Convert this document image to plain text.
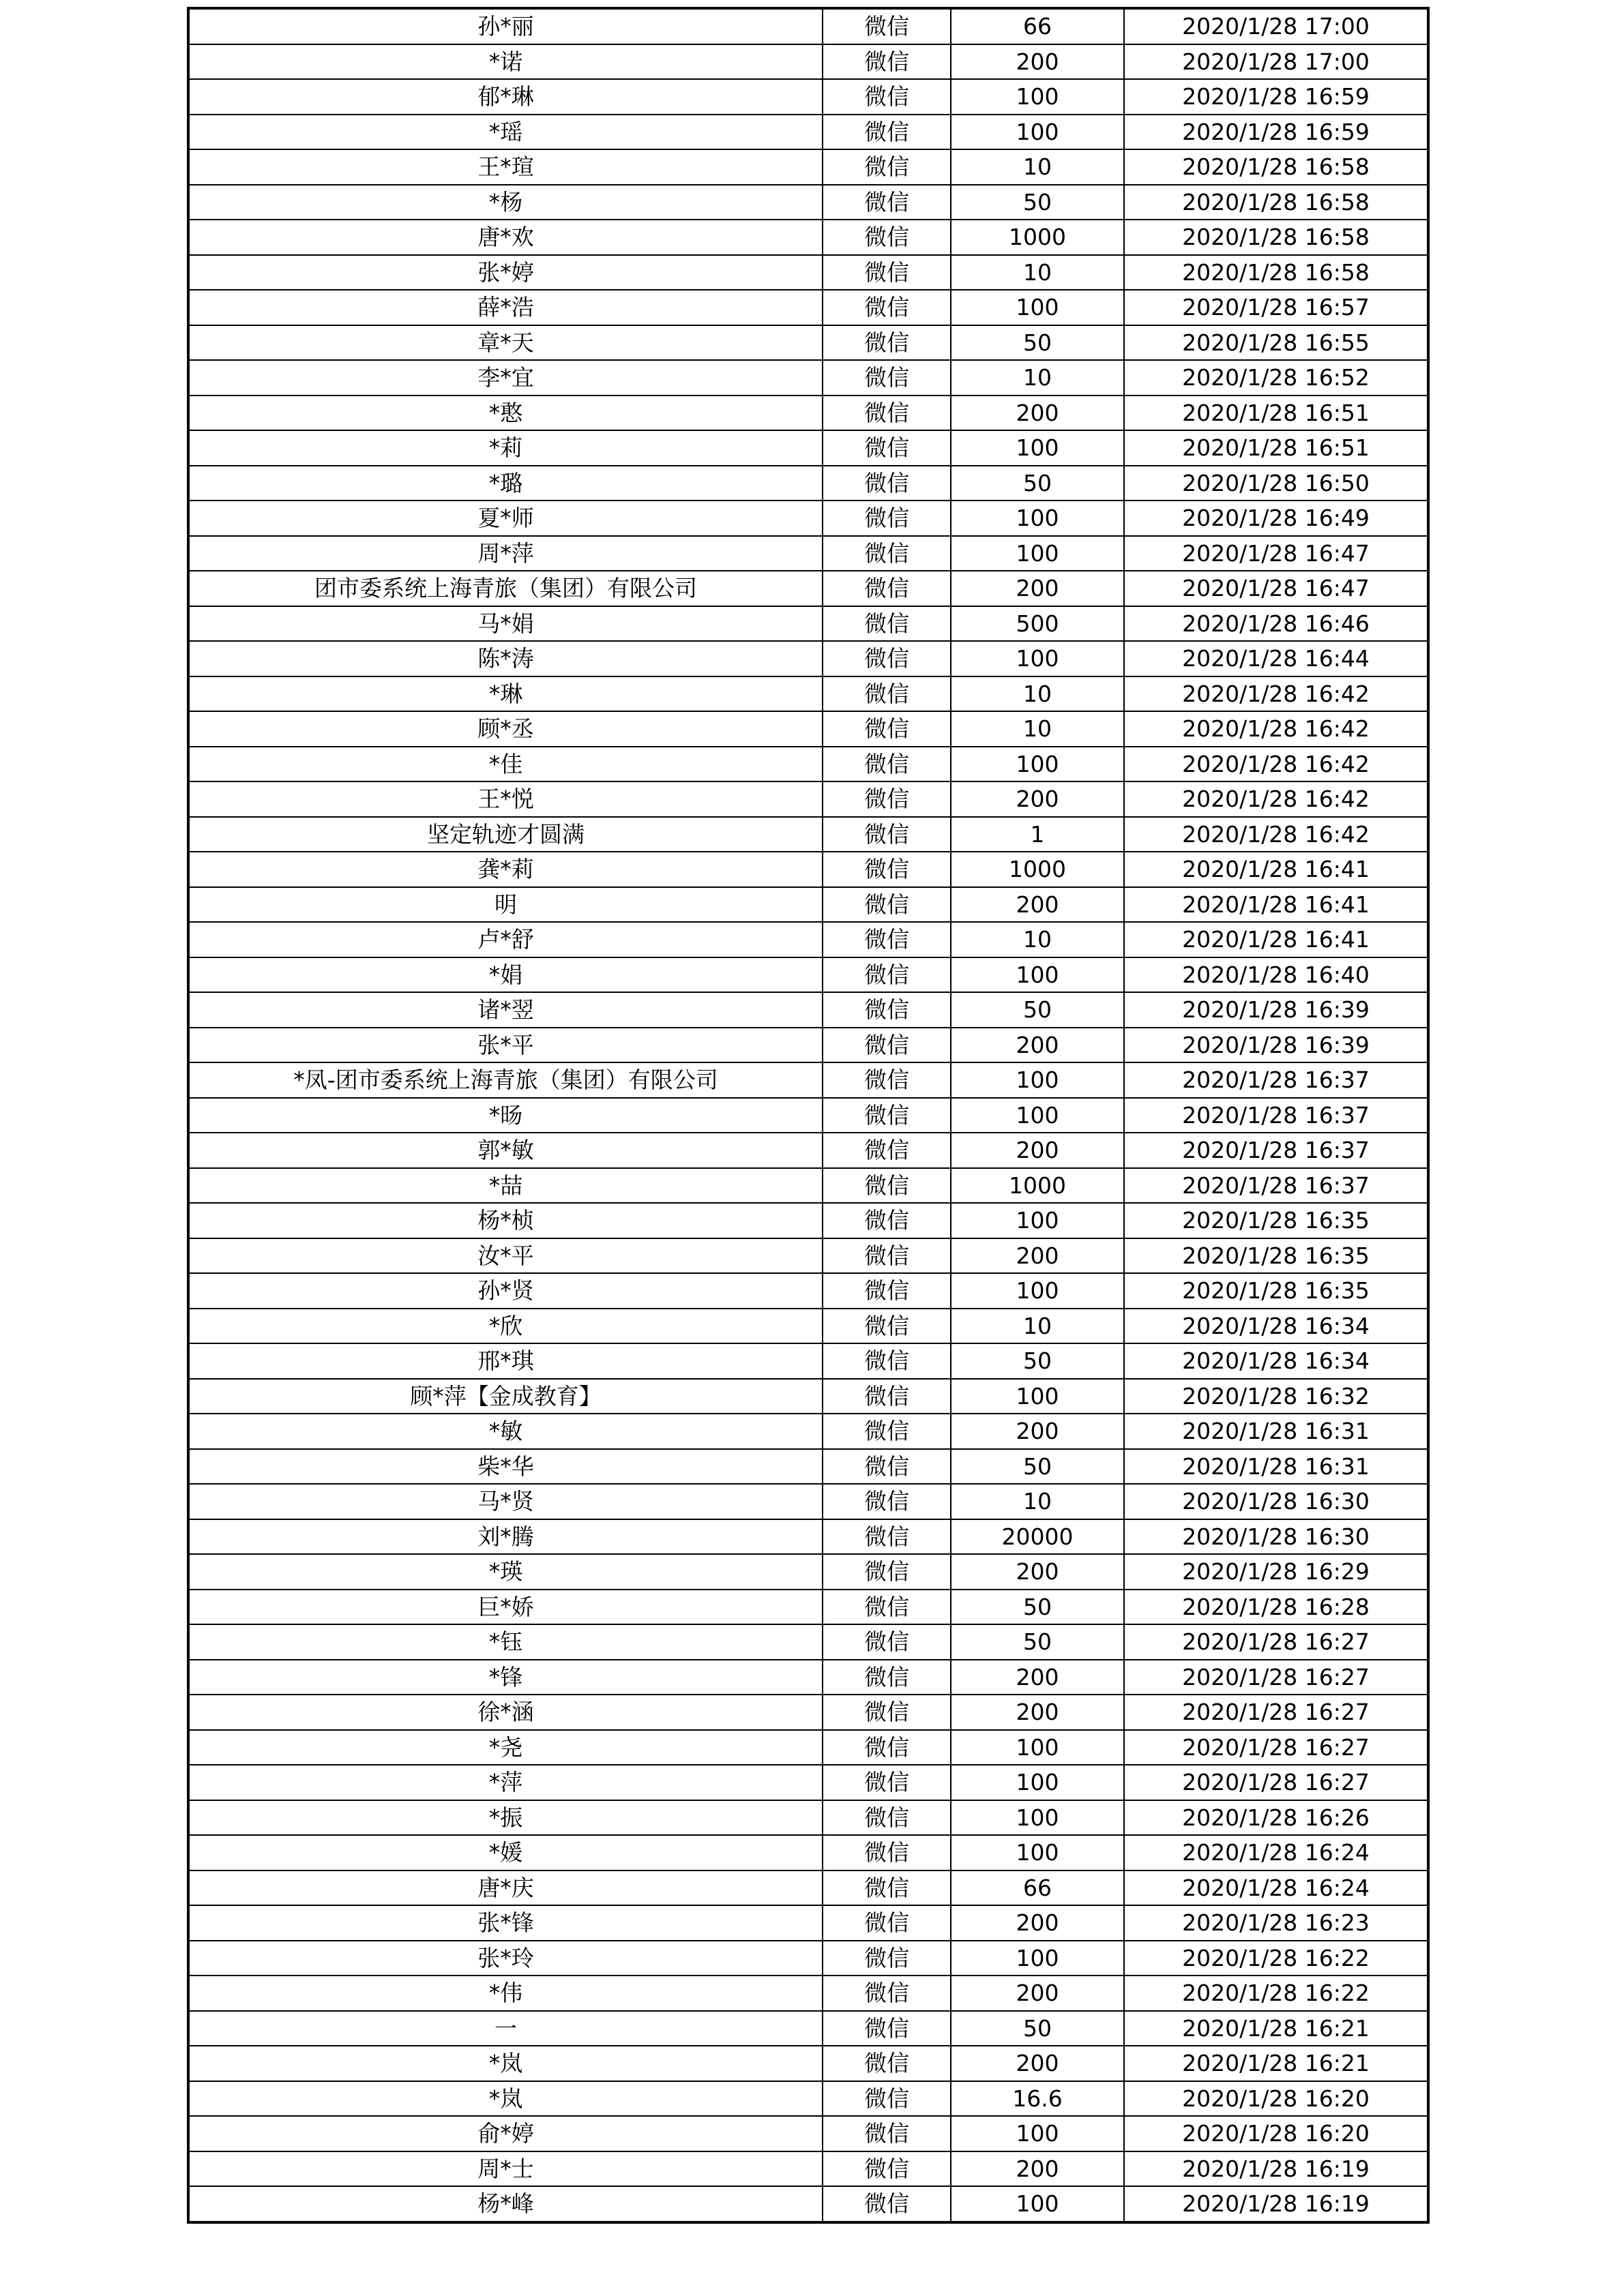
孙*丽	微信	66	2020/1/28 17:00
*诺	微信	200	2020/1/28 17:00
郁*琳	微信	100	2020/1/28 16:59
*瑶	微信	100	2020/1/28 16:59
王*瑄	微信	10	2020/1/28 16:58
*杨	微信	50	2020/1/28 16:58
唐*欢	微信	1000	2020/1/28 16:58
张*婷	微信	10	2020/1/28 16:58
薛*浩	微信	100	2020/1/28 16:57
章*天	微信	50	2020/1/28 16:55
李*宜	微信	10	2020/1/28 16:52
*憨	微信	200	2020/1/28 16:51
*莉	微信	100	2020/1/28 16:51
*璐	微信	50	2020/1/28 16:50
夏*师	微信	100	2020/1/28 16:49
周*萍	微信	100	2020/1/28 16:47
团市委系统上海青旅（集团）有限公司	微信	200	2020/1/28 16:47
马*娟	微信	500	2020/1/28 16:46
陈*涛	微信	100	2020/1/28 16:44
*琳	微信	10	2020/1/28 16:42
顾*丞	微信	10	2020/1/28 16:42
*佳	微信	100	2020/1/28 16:42
王*悦	微信	200	2020/1/28 16:42
坚定轨迹才圆满	微信	1	2020/1/28 16:42
龚*莉	微信	1000	2020/1/28 16:41
明	微信	200	2020/1/28 16:41
卢*舒	微信	10	2020/1/28 16:41
*娟	微信	100	2020/1/28 16:40
诸*翌	微信	50	2020/1/28 16:39
张*平	微信	200	2020/1/28 16:39
*凤-团市委系统上海青旅（集团）有限公司	微信	100	2020/1/28 16:37
*旸	微信	100	2020/1/28 16:37
郭*敏	微信	200	2020/1/28 16:37
*喆	微信	1000	2020/1/28 16:37
杨*桢	微信	100	2020/1/28 16:35
汝*平	微信	200	2020/1/28 16:35
孙*贤	微信	100	2020/1/28 16:35
*欣	微信	10	2020/1/28 16:34
邢*琪	微信	50	2020/1/28 16:34
顾*萍【金成教育】	微信	100	2020/1/28 16:32
*敏	微信	200	2020/1/28 16:31
柴*华	微信	50	2020/1/28 16:31
马*贤	微信	10	2020/1/28 16:30
刘*腾	微信	20000	2020/1/28 16:30
*瑛	微信	200	2020/1/28 16:29
巨*娇	微信	50	2020/1/28 16:28
*钰	微信	50	2020/1/28 16:27
*锋	微信	200	2020/1/28 16:27
徐*涵	微信	200	2020/1/28 16:27
*尧	微信	100	2020/1/28 16:27
*萍	微信	100	2020/1/28 16:27
*振	微信	100	2020/1/28 16:26
*媛	微信	100	2020/1/28 16:24
唐*庆	微信	66	2020/1/28 16:24
张*锋	微信	200	2020/1/28 16:23
张*玲	微信	100	2020/1/28 16:22
*伟	微信	200	2020/1/28 16:22
一	微信	50	2020/1/28 16:21
*岚	微信	200	2020/1/28 16:21
*岚	微信	16.6	2020/1/28 16:20
俞*婷	微信	100	2020/1/28 16:20
周*士	微信	200	2020/1/28 16:19
杨*峰	微信	100	2020/1/28 16:19
